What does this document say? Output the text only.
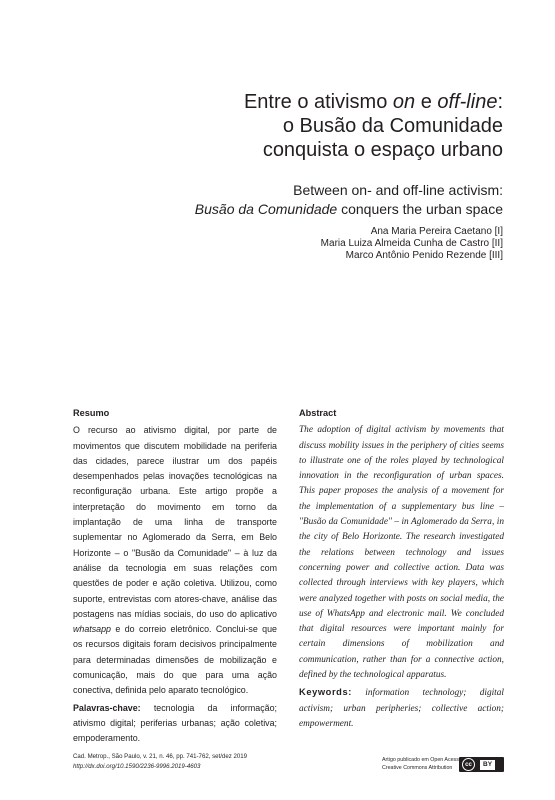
Entre o ativismo on e off-line:
o Busão da Comunidade
conquista o espaço urbano
Between on- and off-line activism:
Busão da Comunidade conquers the urban space
Ana Maria Pereira Caetano [I]
Maria Luiza Almeida Cunha de Castro [II]
Marco Antônio Penido Rezende [III]
Resumo
O recurso ao ativismo digital, por parte de movimentos que discutem mobilidade na periferia das cidades, parece ilustrar um dos papéis desempenhados pelas inovações tecnológicas na reconfiguração urbana. Este artigo propõe a interpretação do movimento em torno da implantação de uma linha de transporte suplementar no Aglomerado da Serra, em Belo Horizonte – o "Busão da Comunidade" – à luz da análise da tecnologia em suas relações com questões de poder e ação coletiva. Utilizou, como suporte, entrevistas com atores-chave, análise das postagens nas mídias sociais, do uso do aplicativo whatsapp e do correio eletrônico. Conclui-se que os recursos digitais foram decisivos principalmente para determinadas dimensões de mobilização e comunicação, mais do que para uma ação conectiva, definida pelo aparato tecnológico.
Palavras-chave: tecnologia da informação; ativismo digital; periferias urbanas; ação coletiva; empoderamento.
Abstract
The adoption of digital activism by movements that discuss mobility issues in the periphery of cities seems to illustrate one of the roles played by technological innovation in the reconfiguration of urban spaces. This paper proposes the analysis of a movement for the implementation of a supplementary bus line – "Busão da Comunidade" – in Aglomerado da Serra, in the city of Belo Horizonte. The research investigated the relations between technology and issues concerning power and collective action. Data was collected through interviews with key players, which were analyzed together with posts on social media, the use of WhatsApp and electronic mail. We concluded that digital resources were important mainly for certain dimensions of mobilization and communication, rather than for a connective action, defined by the technological apparatus.
Keywords: information technology; digital activism; urban peripheries; collective action; empowerment.
Cad. Metrop., São Paulo, v. 21, n. 46, pp. 741-762, set/dez 2019
http://dx.doi.org/10.1590/2236-9996.2019-4603
Artigo publicado em Open Acess
Creative Commons Attribution	cc	BY
